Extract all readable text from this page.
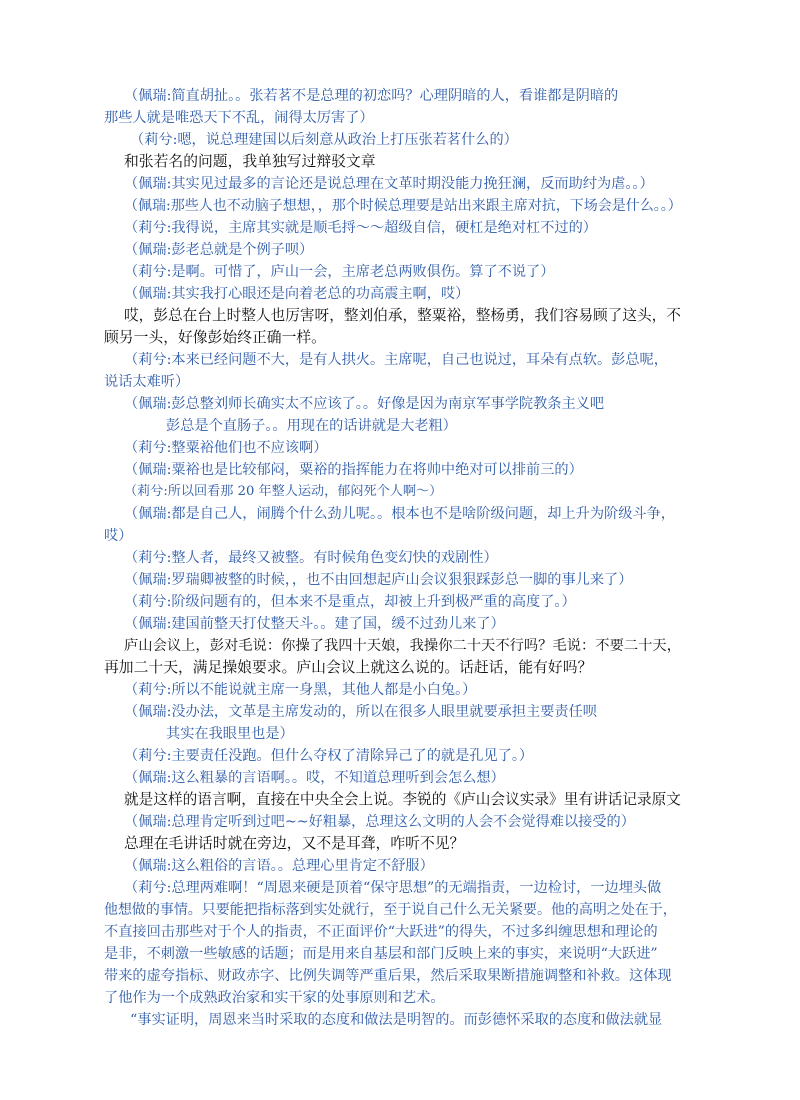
（佩瑞:简直胡扯。。张若茗不是总理的初恋吗？心理阴暗的人，看谁都是阴暗的
那些人就是唯恐天下不乱，闹得太厉害了）
（莉兮:嗯，说总理建国以后刻意从政治上打压张若茗什么的）
和张若名的问题，我单独写过辩驳文章
（佩瑞:其实见过最多的言论还是说总理在文革时期没能力挽狂澜，反而助纣为虐。。）
（佩瑞:那些人也不动脑子想想，，那个时候总理要是站出来跟主席对抗，下场会是什么。。）
（莉兮:我得说，主席其实就是顺毛捋～～超级自信，硬杠是绝对杠不过的）
（佩瑞:彭老总就是个例子呗）
（莉兮:是啊。可惜了，庐山一会，主席老总两败俱伤。算了不说了）
（佩瑞:其实我打心眼还是向着老总的功高震主啊，哎）
哎，彭总在台上时整人也厉害呀，整刘伯承，整粟裕，整杨勇，我们容易顾了这头，不
顾另一头，好像彭始终正确一样。
（莉兮:本来已经问题不大，是有人拱火。主席呢，自己也说过，耳朵有点软。彭总呢，
说话太难听）
（佩瑞:彭总整刘师长确实太不应该了。。好像是因为南京军事学院教条主义吧
彭总是个直肠子。。用现在的话讲就是大老粗）
（莉兮:整粟裕他们也不应该啊）
（佩瑞:粟裕也是比较郁闷，粟裕的指挥能力在将帅中绝对可以排前三的）
（莉兮:所以回看那 20 年整人运动，郁闷死个人啊～）
（佩瑞:都是自己人，闹腾个什么劲儿呢。。根本也不是啥阶级问题，却上升为阶级斗争，
哎）
（莉兮:整人者，最终又被整。有时候角色变幻快的戏剧性）
（佩瑞:罗瑞卿被整的时候，，也不由回想起庐山会议狠狠踩彭总一脚的事儿来了）
（莉兮:阶级问题有的，但本来不是重点，却被上升到极严重的高度了。）
（佩瑞:建国前整天打仗整天斗。。建了国，缓不过劲儿来了）
庐山会议上，彭对毛说：你操了我四十天娘，我操你二十天不行吗？毛说：不要二十天，
再加二十天，满足操娘要求。庐山会议上就这么说的。话赶话，能有好吗？
（莉兮:所以不能说就主席一身黑，其他人都是小白兔。）
（佩瑞:没办法，文革是主席发动的，所以在很多人眼里就要承担主要责任呗
其实在我眼里也是）
（莉兮:主要责任没跑。但什么夺权了清除异己了的就是孔见了。）
（佩瑞:这么粗暴的言语啊。。哎，不知道总理听到会怎么想）
就是这样的语言啊，直接在中央全会上说。李锐的《庐山会议实录》里有讲话记录原文
（佩瑞:总理肯定听到过吧~~好粗暴，总理这么文明的人会不会觉得难以接受的）
总理在毛讲话时就在旁边，又不是耳聋，咋听不见？
（佩瑞:这么粗俗的言语。。总理心里肯定不舒服）
（莉兮:总理两难啊！“周恩来硬是顶着“保守思想”的无端指责，一边检讨，一边埋头做
他想做的事情。只要能把指标落到实处就行，至于说自己什么无关紧要。他的高明之处在于，
不直接回击那些对于个人的指责，不正面评价“大跃进”的得失，不过多纠缠思想和理论的
是非，不刺激一些敏感的话题；而是用来自基层和部门反映上来的事实，来说明“大跃进”
带来的虚夸指标、财政赤字、比例失调等严重后果，然后采取果断措施调整和补救。这体现
了他作为一个成熟政治家和实干家的处事原则和艺术。
“事实证明，周恩来当时采取的态度和做法是明智的。而彭德怀采取的态度和做法就显
